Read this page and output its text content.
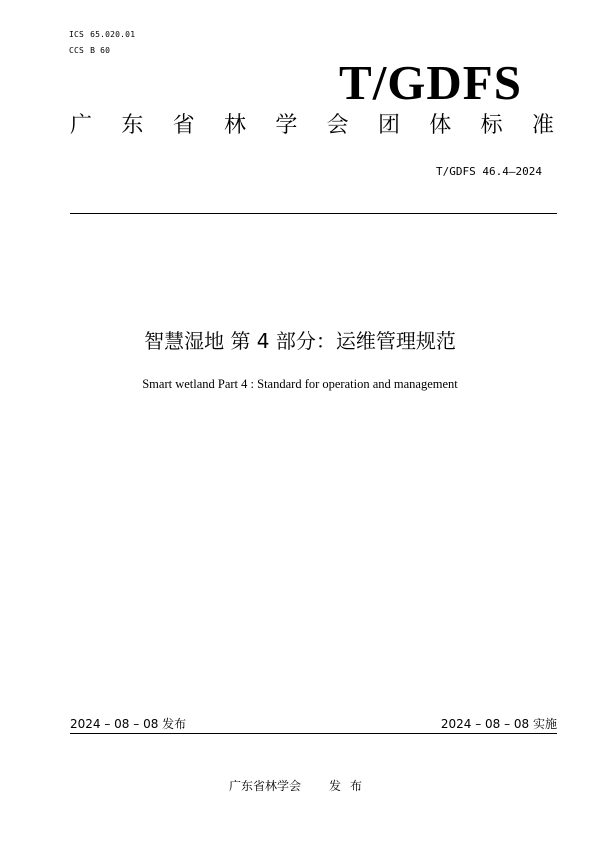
ICS 65.020.01

CCS B 60

T/GDFS
广 东 省 林 学 会 团 体 标 准
T/GDFS 46.4—2024
智慧湿地 第 4 部分：运维管理规范
Smart wetland Part 4 : Standard for operation and management
2024 – 08 – 08 发布	2024 – 08 – 08 实施
广东省林学会 发布
